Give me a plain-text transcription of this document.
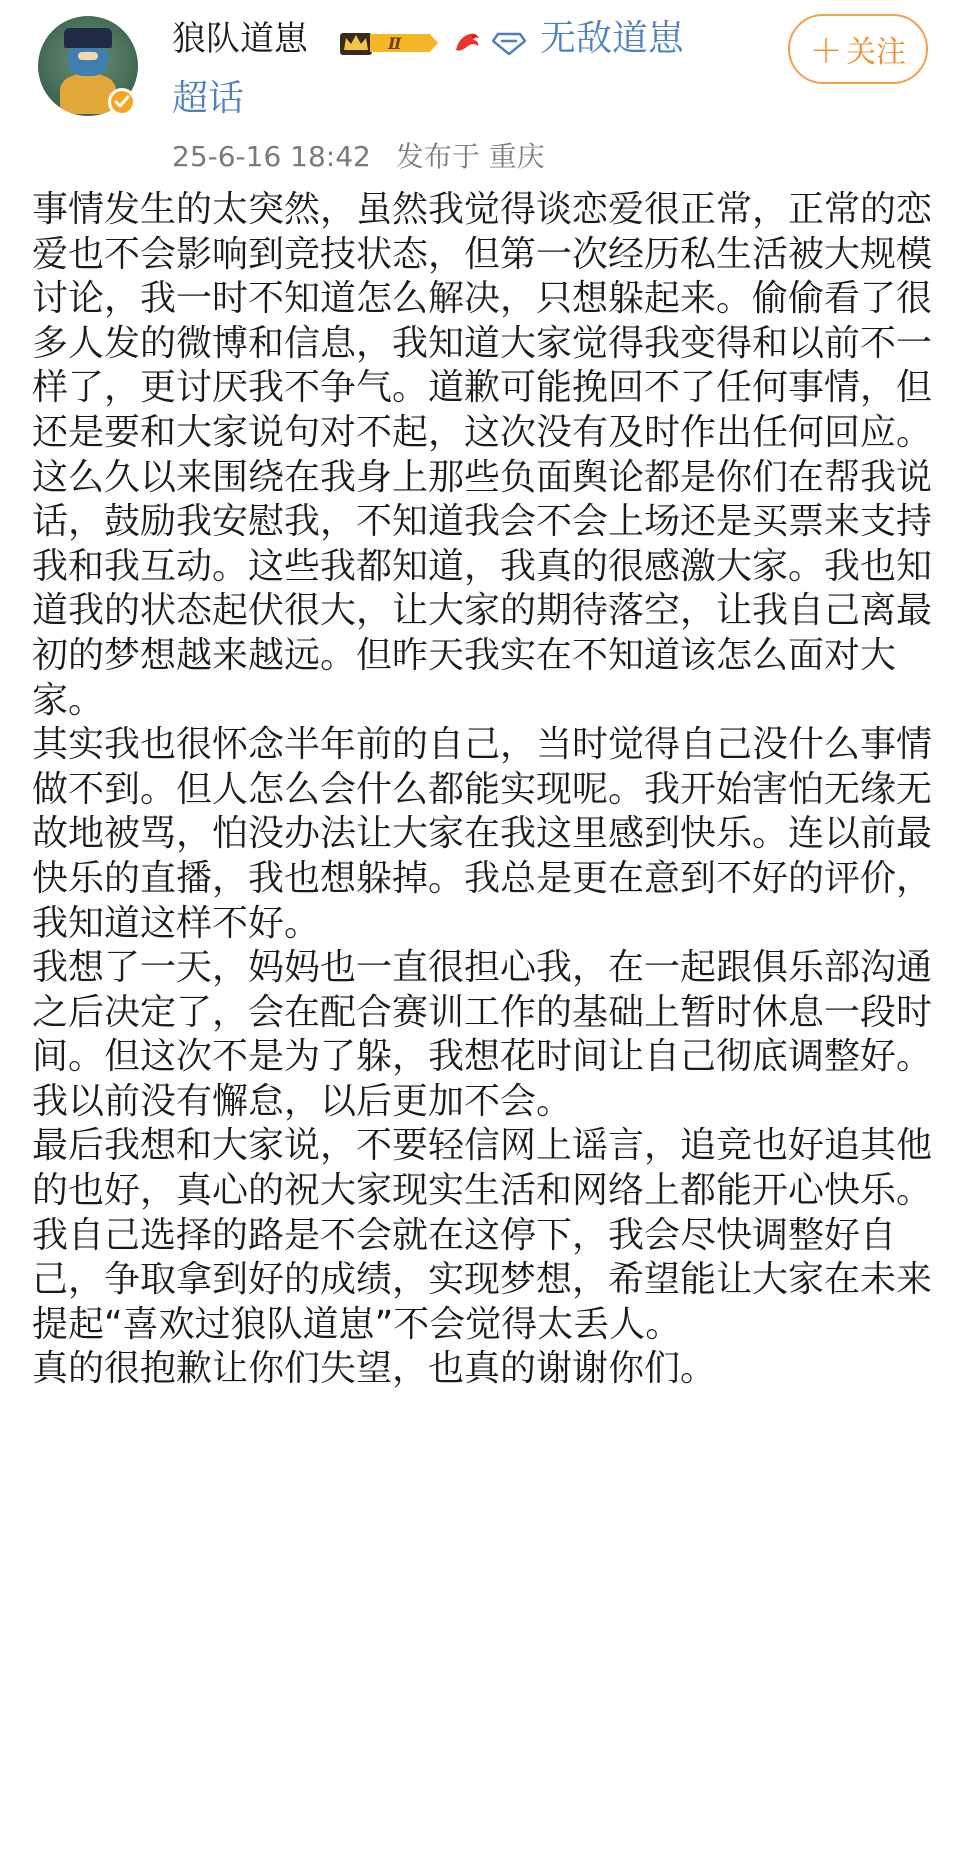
狼队道崽	Ⅱ	无敌道崽
超话
＋ 关注
25-6-16 18:42 发布于 重庆

事情发生的太突然，虽然我觉得谈恋爱很正常，正常的恋爱也不会影响到竞技状态，但第一次经历私生活被大规模讨论，我一时不知道怎么解决，只想躲起来。偷偷看了很多人发的微博和信息，我知道大家觉得我变得和以前不一样了，更讨厌我不争气。道歉可能挽回不了任何事情，但还是要和大家说句对不起，这次没有及时作出任何回应。这么久以来围绕在我身上那些负面舆论都是你们在帮我说话，鼓励我安慰我，不知道我会不会上场还是买票来支持我和我互动。这些我都知道，我真的很感激大家。我也知道我的状态起伏很大，让大家的期待落空，让我自己离最初的梦想越来越远。但昨天我实在不知道该怎么面对大家。

其实我也很怀念半年前的自己，当时觉得自己没什么事情做不到。但人怎么会什么都能实现呢。我开始害怕无缘无故地被骂，怕没办法让大家在我这里感到快乐。连以前最快乐的直播，我也想躲掉。我总是更在意到不好的评价，我知道这样不好。

我想了一天，妈妈也一直很担心我，在一起跟俱乐部沟通之后决定了，会在配合赛训工作的基础上暂时休息一段时间。但这次不是为了躲，我想花时间让自己彻底调整好。我以前没有懈怠，以后更加不会。

最后我想和大家说，不要轻信网上谣言，追竞也好追其他的也好，真心的祝大家现实生活和网络上都能开心快乐。

我自己选择的路是不会就在这停下，我会尽快调整好自己，争取拿到好的成绩，实现梦想，希望能让大家在未来提起“喜欢过狼队道崽”不会觉得太丢人。

真的很抱歉让你们失望，也真的谢谢你们。
